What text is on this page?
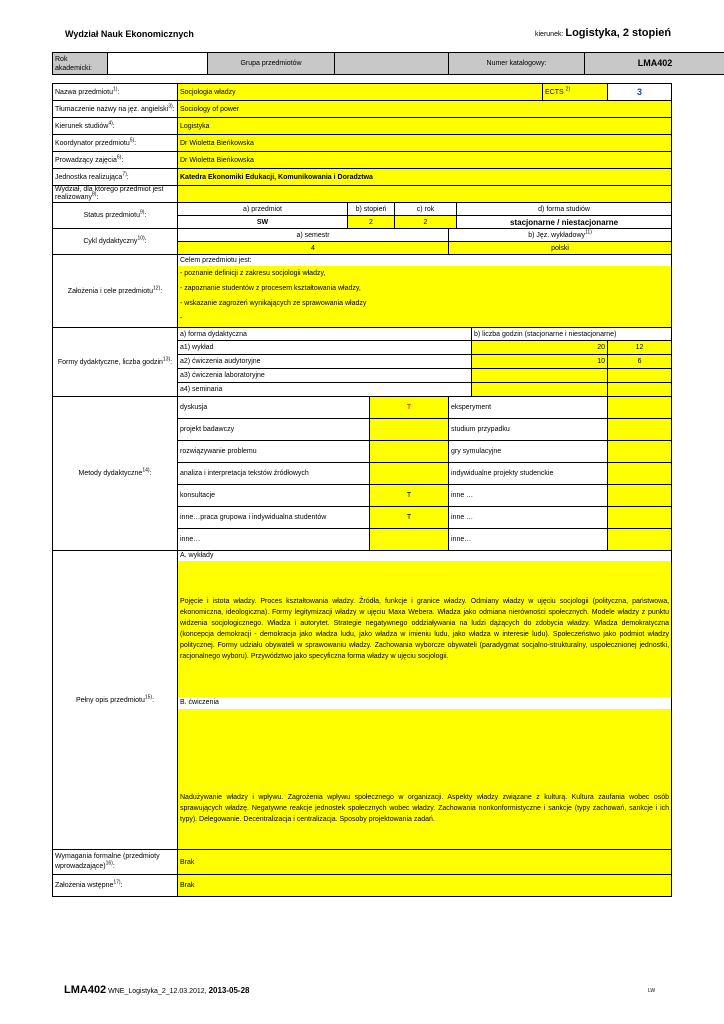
Wydział Nauk Ekonomicznych	kierunek: Logistyka, 2 stopień
Rok akademicki:		Grupa przedmiotów		Numer katalogowy:	LMA402
Nazwa przedmiotu$^{1)}$:	Socjologia władzy							ECTS $^{2)}$	3
Tłumaczenie nazwy na jęz. angielski$^{3)}$:	Sociology of power								
Kierunek studiów$^{4)}$:	Logistyka								
Koordynator przedmiotu$^{5)}$:	Dr Wioletta Bieńkowska								
Prowadzący zajęcia$^{6)}$:	Dr Wioletta Bieńkowska								
Jednostka realizująca$^{7)}$:	Katedra Ekonomiki Edukacji, Komunikowania i Doradztwa								
Wydział, dla którego przedmiot jest realizowany$^{8)}$:									
Status przedmiotu$^{9)}$:	a) przedmiot	b) stopień		c) rok		d) forma studiów			
	SW	2		2		stacjonarne / niestacjonarne			
Cykl dydaktyczny$^{10)}$:	a) semestr				b) Jęz. wykładowy$^{11)}$
	4				polski				
Założenia i cele przedmiotu$^{12)}$:	Celem przedmiotu jest:
- poznanie definicji z zakresu socjologii władzy,
- zapoznanie studentów z procesem kształtowania władzy,
- wskazanie zagrożeń wynikających ze sprawowania władzy
-								

Formy dydaktyczne, liczba godzin$^{13)}$:	a) forma dydaktyczna						b) liczba godzin (stacjonarne i niestacjonarne)		
	a1) wykład						20		12
	a2) ćwiczenia audytoryjne						10		6
	a3) ćwiczenia laboratoryjne								
	a4) seminaria								
Metody dydaktyczne$^{14)}$:	dyskusja		T		eksperyment				
	projekt badawczy				studium przypadku				
	rozwiązywanie problemu				gry symulacyjne				
	analiza i interpretacja tekstów źródłowych				indywidualne projekty studenckie				
	konsultacje		T		inne …				
	inne…praca grupowa i indywidualna studentów		T		inne …				
	inne…				inne…				
Pełny opis przedmiotu$^{15)}$:	A. wykłady
Pojęcie i istota władzy. Proces kształtowania władzy. Źródła, funkcje i granice władzy. Odmiany władzy w ujęciu socjologii (polityczna, państwowa, ekonomiczna, ideologiczna). Formy legitymizacji władzy w ujęciu Maxa Webera. Władza jako odmiana nierówności społecznych. Modele władzy z punktu widzenia socjologicznego. Władza i autorytet. Strategie negatywnego oddziaływania na ludzi dążących do zdobycia władzy. Władza demokratyczna (koncepcja demokracji - demokracja jako władza ludu, jako władza w imieniu ludu, jako władza w interesie ludu). Społeczeństwo jako podmiot władzy politycznej. Formy udziału obywateli w sprawowaniu władzy. Zachowania wyborcze obywateli (paradygmat socjalno-strukturalny, uspołecznionej jednostki, racjonalnego wyboru). Przywództwo jako specyficzna forma władzy w ujęciu socjologii.
B. ćwiczenia
Nadużywanie władzy i wpływu. Zagrożenia wpływu społecznego w organizacji. Aspekty władzy związane z kulturą. Kultura zaufania wobec osób sprawujących władzę. Negatywne reakcje jednostek społecznych wobec władzy. Zachowania nonkonformistyczne i sankcje (typy zachowań, sankcje i ich typy). Delegowanie. Decentralizacja i centralizacja. Sposoby projektowania zadań.								

Wymagania formalne (przedmioty wprowadzające)$^{16)}$:	Brak								
Założenia wstępne$^{17)}$:	Brak								
LMA402 WNE_Logistyka_2_12.03.2012, 2013-05-28	LW
